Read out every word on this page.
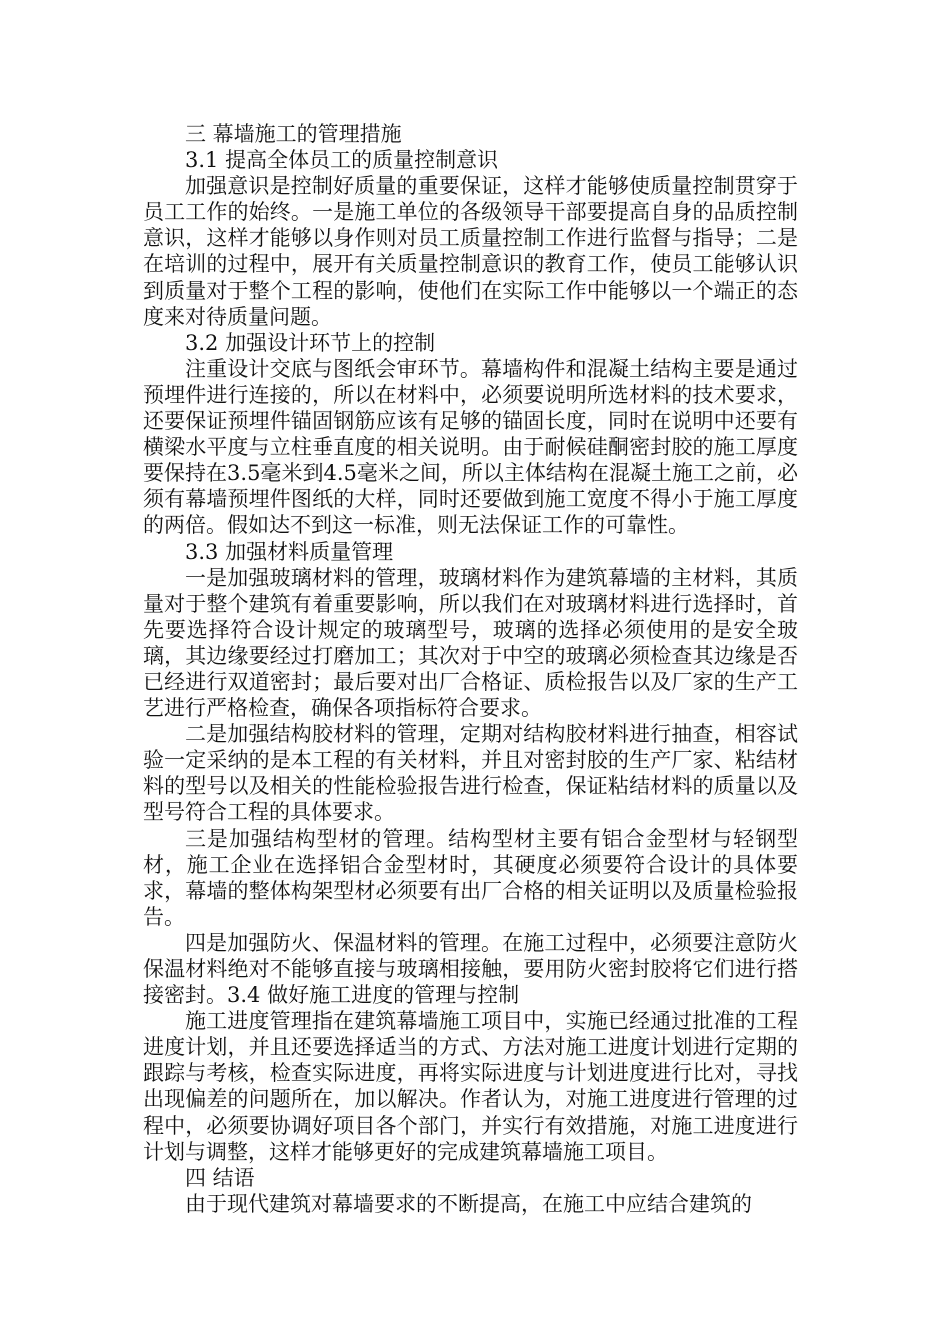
三 幕墙施工的管理措施

3.1 提高全体员工的质量控制意识

加强意识是控制好质量的重要保证，这样才能够使质量控制贯穿于员工工作的始终。一是施工单位的各级领导干部要提高自身的品质控制意识，这样才能够以身作则对员工质量控制工作进行监督与指导；二是在培训的过程中，展开有关质量控制意识的教育工作，使员工能够认识到质量对于整个工程的影响，使他们在实际工作中能够以一个端正的态度来对待质量问题。

3.2 加强设计环节上的控制

注重设计交底与图纸会审环节。幕墙构件和混凝土结构主要是通过预埋件进行连接的，所以在材料中，必须要说明所选材料的技术要求，还要保证预埋件锚固钢筋应该有足够的锚固长度，同时在说明中还要有横梁水平度与立柱垂直度的相关说明。由于耐候硅酮密封胶的施工厚度要保持在3.5毫米到4.5毫米之间，所以主体结构在混凝土施工之前，必须有幕墙预埋件图纸的大样，同时还要做到施工宽度不得小于施工厚度的两倍。假如达不到这一标准，则无法保证工作的可靠性。

3.3 加强材料质量管理

一是加强玻璃材料的管理，玻璃材料作为建筑幕墙的主材料，其质量对于整个建筑有着重要影响，所以我们在对玻璃材料进行选择时，首先要选择符合设计规定的玻璃型号，玻璃的选择必须使用的是安全玻璃，其边缘要经过打磨加工；其次对于中空的玻璃必须检查其边缘是否已经进行双道密封；最后要对出厂合格证、质检报告以及厂家的生产工艺进行严格检查，确保各项指标符合要求。

二是加强结构胶材料的管理，定期对结构胶材料进行抽查，相容试验一定采纳的是本工程的有关材料，并且对密封胶的生产厂家、粘结材料的型号以及相关的性能检验报告进行检查，保证粘结材料的质量以及型号符合工程的具体要求。

三是加强结构型材的管理。结构型材主要有铝合金型材与轻钢型材，施工企业在选择铝合金型材时，其硬度必须要符合设计的具体要求，幕墙的整体构架型材必须要有出厂合格的相关证明以及质量检验报告。

四是加强防火、保温材料的管理。在施工过程中，必须要注意防火保温材料绝对不能够直接与玻璃相接触，要用防火密封胶将它们进行搭接密封。3.4 做好施工进度的管理与控制

施工进度管理指在建筑幕墙施工项目中，实施已经通过批准的工程进度计划，并且还要选择适当的方式、方法对施工进度计划进行定期的跟踪与考核，检查实际进度，再将实际进度与计划进度进行比对，寻找出现偏差的问题所在，加以解决。作者认为，对施工进度进行管理的过程中，必须要协调好项目各个部门，并实行有效措施，对施工进度进行计划与调整，这样才能够更好的完成建筑幕墙施工项目。

四 结语

由于现代建筑对幕墙要求的不断提高，在施工中应结合建筑的
